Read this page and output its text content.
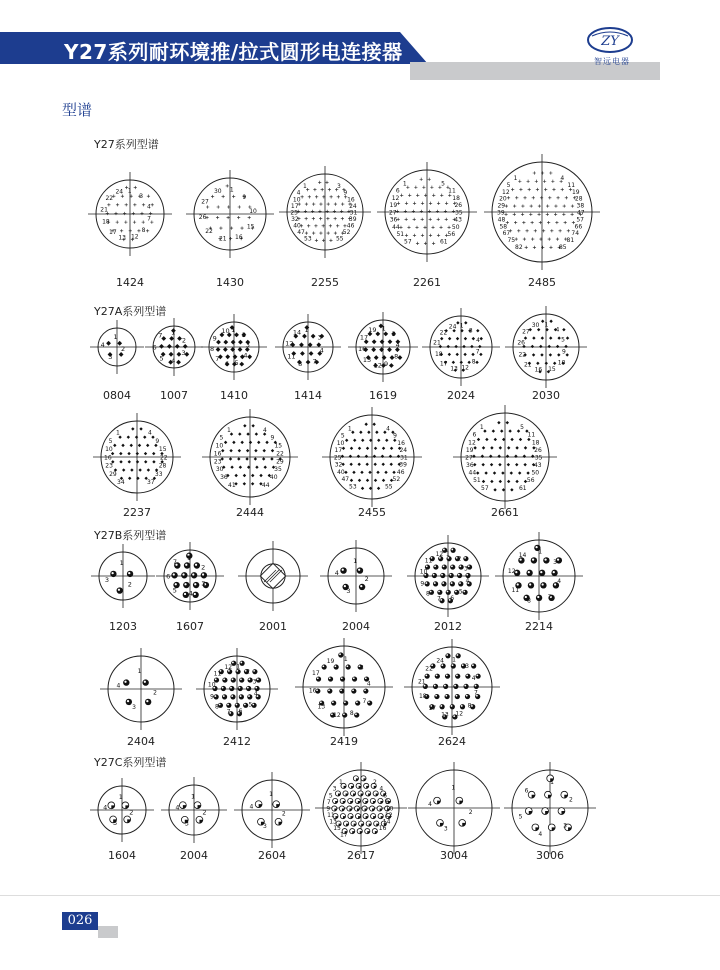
Y27系列耐环境推/拉式圆形电连接器	ZY
智远电器
型谱
Y27系列型谱
Y27A系列型谱
Y27B系列型谱
Y27C系列型谱
1
3
4
7
8
12
13
17
18
21
22
24
1424
1
9
10
15
16
21
22
26
27
30
1430
1	3
4	9
10	16
17	24
25	31
32	39
40	46
47	52
53	55
2255
1	5
6	11
12	18
19	26
27	35
36	43
44	50
51	56
57	61
2261
1	4
5	11
12	19
20	28
29	38
39	47
48	57
58	66
67	74
75	81
82	85
2485
1
2
3
4
0804
1
2
3
4
5
6
7
1007
1
2
3
4
5
6
7
8
9
10
1410
1
3
4
7
8
11
12
14
1414
1
3
4
8
9
12
13
16
17
19
1619
1
3
4
7
8
12
13
17
18
21
22
24
2024
1
4
5
9
10
15
16
21
22
26
27
30
2030
1	4
5	9
10	15
16	22
23	28
29	33
34	37
2237
1	4
5	9
10	15
16	22
23	29
30	35
36	40
41	44
2444
1	4
5	9
10	16
17	24
25	31
32	39
40	46
47	52
53	55
2455
1	5
6	11
12	18
19	26
27	35
36	43
44	50
51	56
57	61
2661
1
2
3
1203
1
2
3
4
5
6
7
1607	2001
1
2
3
4
2004
1
2
3
4
5
6
7
8
9
10
11
12
2012
1
3
4
7
8
11
12
14
2214
1
2
3
4
2404
1
2
3
4
5
6
7
8
9
10
11
12
2412
1
3
4
7
8
12
13
16
17
19
2419
1
3
4
7
8
12
13
17
18
21
22
24
2624
1
2
3
4
1604
1
2
3
4
2004
1
2
3
4
2604
1	2
3	4
5	6
7	8
9	10
11	12
13	14
15	16
17
2617
1
2
3
4
3004
1
2
3
4
5
6
3006
026
